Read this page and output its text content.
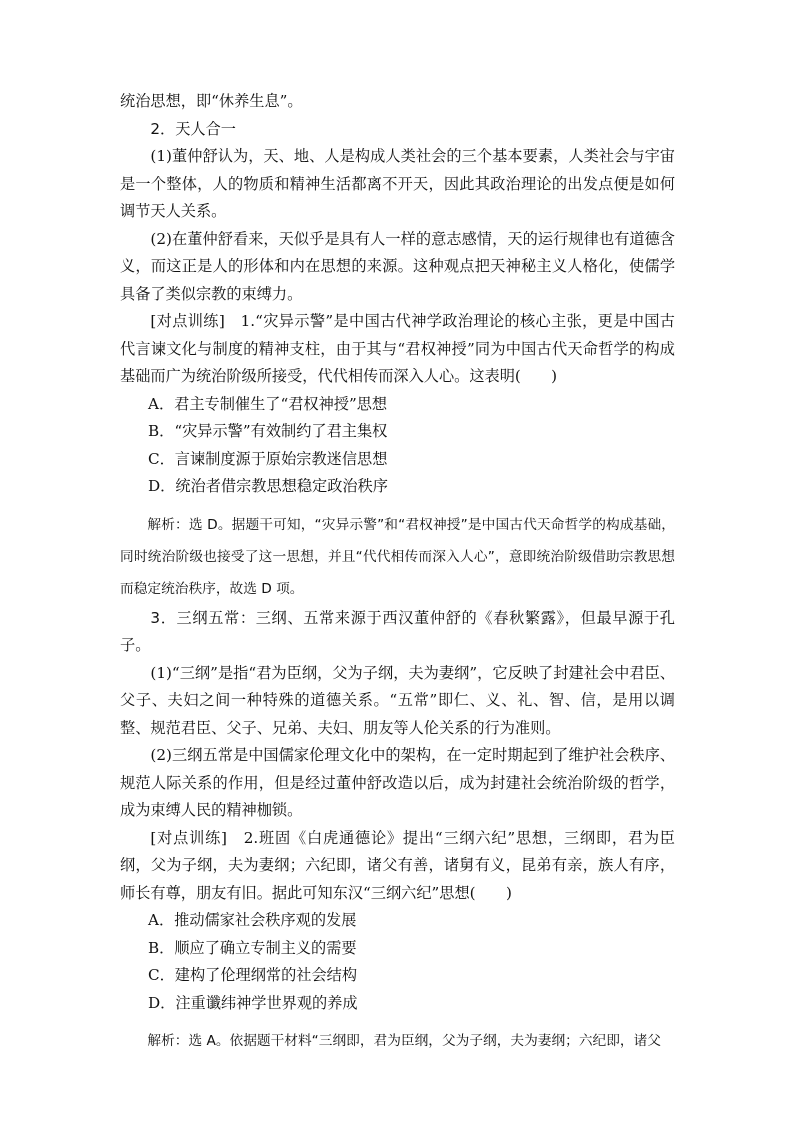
统治思想，即“休养生息”。

2．天人合一

(1)董仲舒认为，天、地、人是构成人类社会的三个基本要素，人类社会与宇宙是一个整体，人的物质和精神生活都离不开天，因此其政治理论的出发点便是如何调节天人关系。

(2)在董仲舒看来，天似乎是具有人一样的意志感情，天的运行规律也有道德含义，而这正是人的形体和内在思想的来源。这种观点把天神秘主义人格化，使儒学具备了类似宗教的束缚力。

[对点训练]　1.“灾异示警”是中国古代神学政治理论的核心主张，更是中国古代言谏文化与制度的精神支柱，由于其与“君权神授”同为中国古代天命哲学的构成基础而广为统治阶级所接受，代代相传而深入人心。这表明(　　)

A．君主专制催生了“君权神授”思想

B．“灾异示警”有效制约了君主集权

C．言谏制度源于原始宗教迷信思想

D．统治者借宗教思想稳定政治秩序

解析：选 D。据题干可知，“灾异示警”和“君权神授”是中国古代天命哲学的构成基础，同时统治阶级也接受了这一思想，并且“代代相传而深入人心”，意即统治阶级借助宗教思想而稳定统治秩序，故选 D 项。

3．三纲五常：三纲、五常来源于西汉董仲舒的《春秋繁露》，但最早源于孔子。

(1)“三纲”是指“君为臣纲，父为子纲，夫为妻纲”，它反映了封建社会中君臣、父子、夫妇之间一种特殊的道德关系。“五常”即仁、义、礼、智、信，是用以调整、规范君臣、父子、兄弟、夫妇、朋友等人伦关系的行为准则。

(2)三纲五常是中国儒家伦理文化中的架构，在一定时期起到了维护社会秩序、规范人际关系的作用，但是经过董仲舒改造以后，成为封建社会统治阶级的哲学，成为束缚人民的精神枷锁。

[对点训练]　2.班固《白虎通德论》提出“三纲六纪”思想，三纲即，君为臣纲，父为子纲，夫为妻纲；六纪即，诸父有善，诸舅有义，昆弟有亲，族人有序，师长有尊，朋友有旧。据此可知东汉“三纲六纪”思想(　　)

A．推动儒家社会秩序观的发展

B．顺应了确立专制主义的需要

C．建构了伦理纲常的社会结构

D．注重谶纬神学世界观的养成

解析：选 A。依据题干材料“三纲即，君为臣纲，父为子纲，夫为妻纲；六纪即，诸父
